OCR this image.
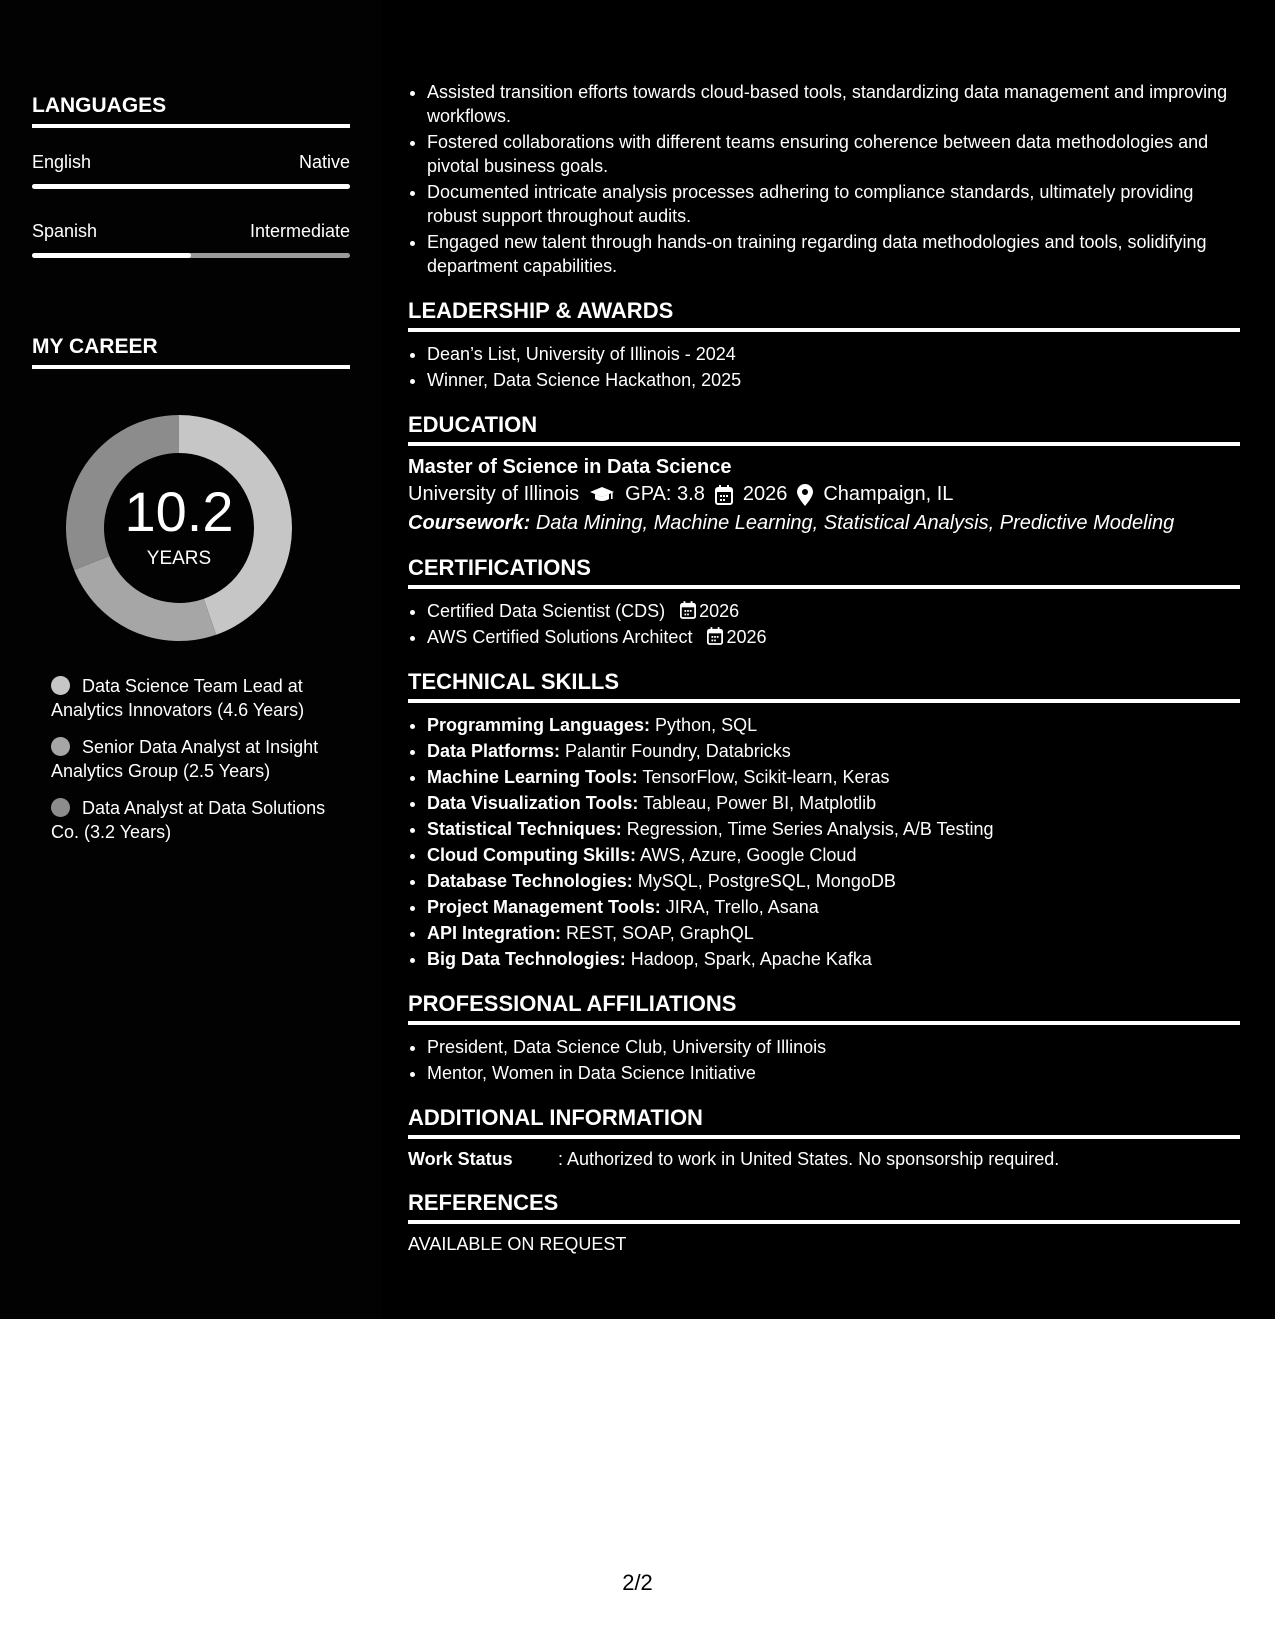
LANGUAGES
English	Native
Spanish	Intermediate
MY CAREER
10.2
YEARS
Data Science Team Lead at Analytics Innovators (4.6 Years)
Senior Data Analyst at Insight Analytics Group (2.5 Years)
Data Analyst at Data Solutions Co. (3.2 Years)
• Assisted transition efforts towards cloud-based tools, standardizing data management and improving workflows.
• Fostered collaborations with different teams ensuring coherence between data methodologies and pivotal business goals.
• Documented intricate analysis processes adhering to compliance standards, ultimately providing robust support throughout audits.
• Engaged new talent through hands-on training regarding data methodologies and tools, solidifying department capabilities.
LEADERSHIP & AWARDS
• Dean’s List, University of Illinois - 2024
• Winner, Data Science Hackathon, 2025
EDUCATION
Master of Science in Data Science
University of Illinois GPA: 3.8 2026 Champaign, IL
Coursework: Data Mining, Machine Learning, Statistical Analysis, Predictive Modeling
CERTIFICATIONS
• Certified Data Scientist (CDS) 2026
• AWS Certified Solutions Architect 2026
TECHNICAL SKILLS
• Programming Languages: Python, SQL
• Data Platforms: Palantir Foundry, Databricks
• Machine Learning Tools: TensorFlow, Scikit-learn, Keras
• Data Visualization Tools: Tableau, Power BI, Matplotlib
• Statistical Techniques: Regression, Time Series Analysis, A/B Testing
• Cloud Computing Skills: AWS, Azure, Google Cloud
• Database Technologies: MySQL, PostgreSQL, MongoDB
• Project Management Tools: JIRA, Trello, Asana
• API Integration: REST, SOAP, GraphQL
• Big Data Technologies: Hadoop, Spark, Apache Kafka
PROFESSIONAL AFFILIATIONS
• President, Data Science Club, University of Illinois
• Mentor, Women in Data Science Initiative
ADDITIONAL INFORMATION
Work Status	: Authorized to work in United States. No sponsorship required.
REFERENCES
AVAILABLE ON REQUEST
2/2
